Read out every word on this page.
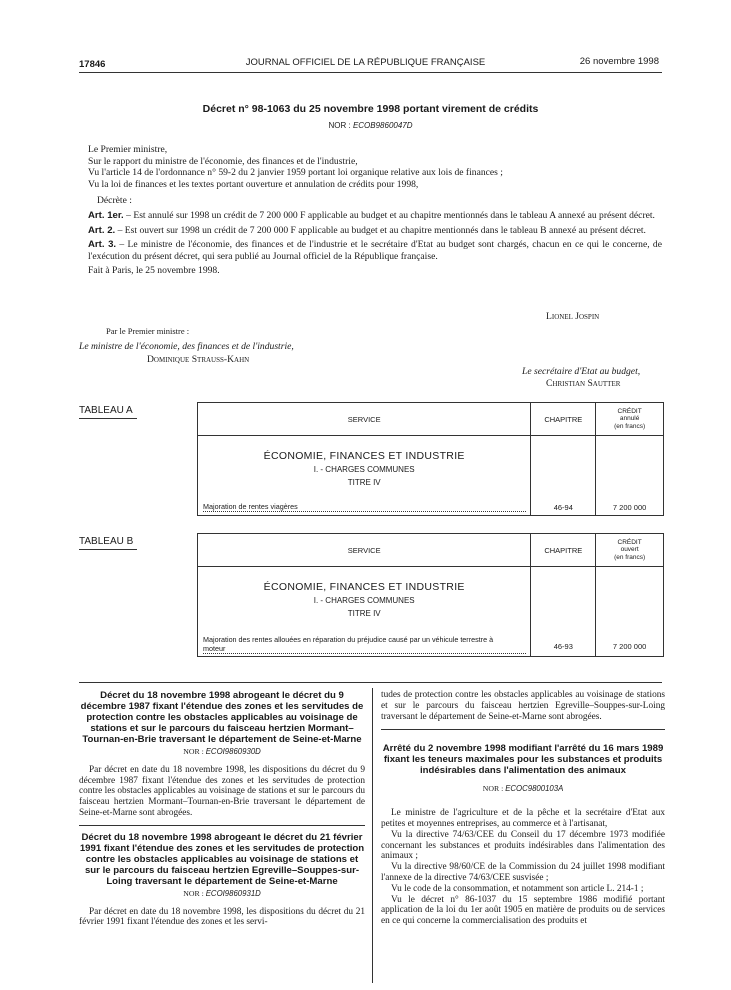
17846	JOURNAL OFFICIEL DE LA RÉPUBLIQUE FRANÇAISE	26 novembre 1998
Décret n° 98-1063 du 25 novembre 1998 portant virement de crédits
NOR : ECOB9860047D

Le Premier ministre,

Sur le rapport du ministre de l'économie, des finances et de l'industrie,

Vu l'article 14 de l'ordonnance n° 59-2 du 2 janvier 1959 portant loi organique relative aux lois de finances ;

Vu la loi de finances et les textes portant ouverture et annulation de crédits pour 1998,

Décrète :

Art. 1er. – Est annulé sur 1998 un crédit de 7 200 000 F applicable au budget et au chapitre mentionnés dans le tableau A annexé au présent décret.

Art. 2. – Est ouvert sur 1998 un crédit de 7 200 000 F applicable au budget et au chapitre mentionnés dans le tableau B annexé au présent décret.

Art. 3. – Le ministre de l'économie, des finances et de l'industrie et le secrétaire d'Etat au budget sont chargés, chacun en ce qui le concerne, de l'exécution du présent décret, qui sera publié au Journal officiel de la République française.

Fait à Paris, le 25 novembre 1998.

Lionel Jospin
Par le Premier ministre :
Le ministre de l'économie, des finances et de l'industrie,
Dominique Strauss-Kahn
Le secrétaire d'Etat au budget,
Christian Sautter
TABLEAU A
SERVICE	CHAPITRE	CRÉDIT
annulé
(en francs)

ÉCONOMIE, FINANCES ET INDUSTRIE
I. - CHARGES COMMUNES
TITRE IV
Majoration de rentes viagères	46-94	7 200 000
TABLEAU B
SERVICE	CHAPITRE	CRÉDIT
ouvert
(en francs)

ÉCONOMIE, FINANCES ET INDUSTRIE
I. - CHARGES COMMUNES
TITRE IV
Majoration des rentes allouées en réparation du préjudice causé par un véhicule terrestre à
moteur	46-93	7 200 000
Décret du 18 novembre 1998 abrogeant le décret du 9 décembre 1987 fixant l'étendue des zones et les servitudes de protection contre les obstacles applicables au voisinage de stations et sur le parcours du faisceau hertzien Mormant–Tournan-en-Brie traversant le département de Seine-et-Marne
NOR : ECOI9860930D

Par décret en date du 18 novembre 1998, les dispositions du décret du 9 décembre 1987 fixant l'étendue des zones et les servitudes de protection contre les obstacles applicables au voisinage de stations et sur le parcours du faisceau hertzien Mormant–Tournan-en-Brie traversant le département de Seine-et-Marne sont abrogées.

Décret du 18 novembre 1998 abrogeant le décret du 21 février 1991 fixant l'étendue des zones et les servitudes de protection contre les obstacles applicables au voisinage de stations et sur le parcours du faisceau hertzien Egreville–Souppes-sur-Loing traversant le département de Seine-et-Marne
NOR : ECOI9860931D

Par décret en date du 18 novembre 1998, les dispositions du décret du 21 février 1991 fixant l'étendue des zones et les servi-

tudes de protection contre les obstacles applicables au voisinage de stations et sur le parcours du faisceau hertzien Egreville–Souppes-sur-Loing traversant le département de Seine-et-Marne sont abrogées.

Arrêté du 2 novembre 1998 modifiant l'arrêté du 16 mars 1989 fixant les teneurs maximales pour les substances et produits indésirables dans l'alimentation des animaux
NOR : ECOC9800103A

Le ministre de l'agriculture et de la pêche et la secrétaire d'Etat aux petites et moyennes entreprises, au commerce et à l'artisanat,

Vu la directive 74/63/CEE du Conseil du 17 décembre 1973 modifiée concernant les substances et produits indésirables dans l'alimentation des animaux ;

Vu la directive 98/60/CE de la Commission du 24 juillet 1998 modifiant l'annexe de la directive 74/63/CEE susvisée ;

Vu le code de la consommation, et notamment son article L. 214-1 ;

Vu le décret n° 86-1037 du 15 septembre 1986 modifié portant application de la loi du 1er août 1905 en matière de produits ou de services en ce qui concerne la commercialisation des produits et
